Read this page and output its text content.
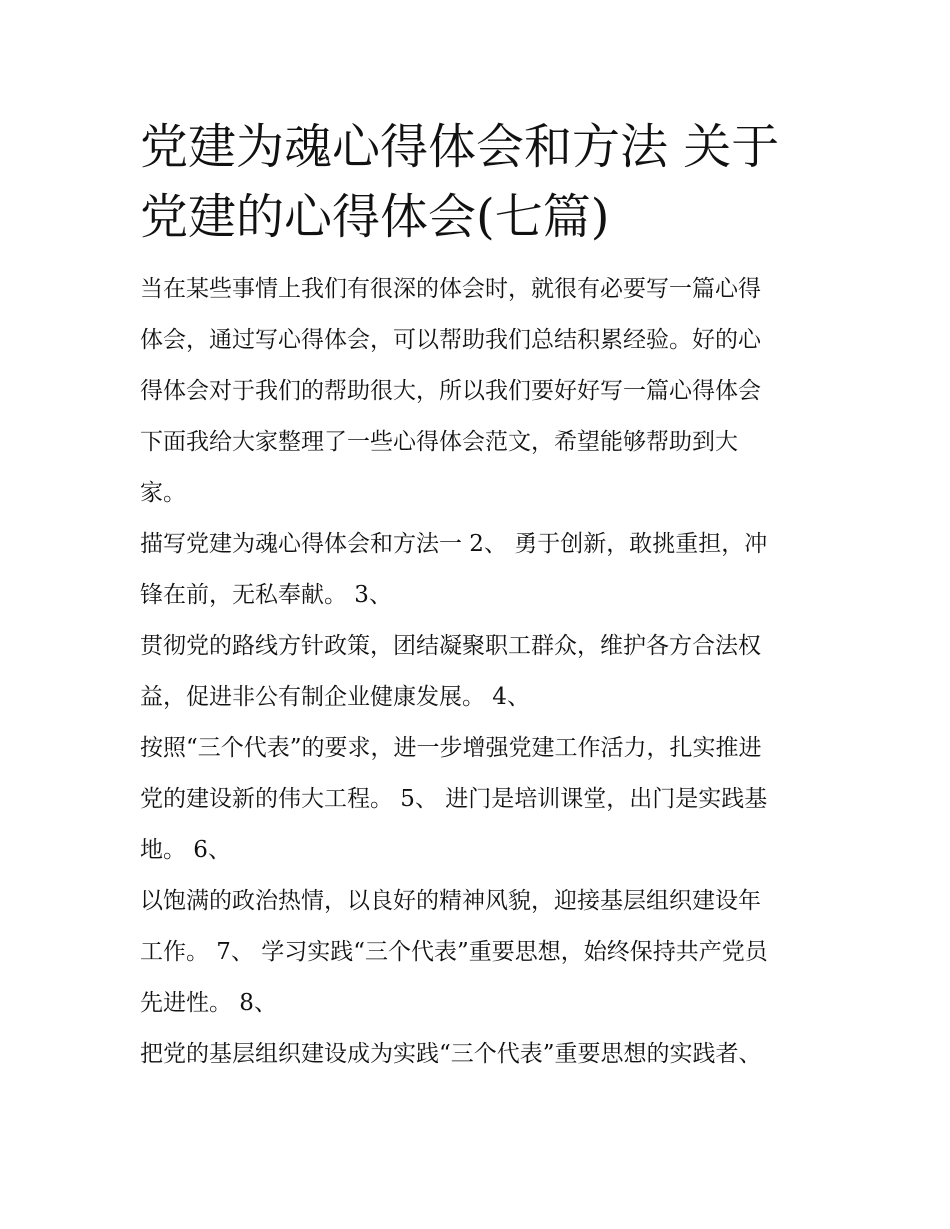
党建为魂心得体会和方法 关于
党建的心得体会(七篇)
当在某些事情上我们有很深的体会时，就很有必要写一篇心得
体会，通过写心得体会，可以帮助我们总结积累经验。好的心
得体会对于我们的帮助很大，所以我们要好好写一篇心得体会
下面我给大家整理了一些心得体会范文，希望能够帮助到大
家。
描写党建为魂心得体会和方法一 2、 勇于创新，敢挑重担，冲
锋在前，无私奉献。 3、
贯彻党的路线方针政策，团结凝聚职工群众，维护各方合法权
益，促进非公有制企业健康发展。 4、
按照“三个代表”的要求，进一步增强党建工作活力，扎实推进
党的建设新的伟大工程。 5、 进门是培训课堂，出门是实践基
地。 6、
以饱满的政治热情，以良好的精神风貌，迎接基层组织建设年
工作。 7、 学习实践“三个代表”重要思想，始终保持共产党员
先进性。 8、
把党的基层组织建设成为实践“三个代表”重要思想的实践者、
